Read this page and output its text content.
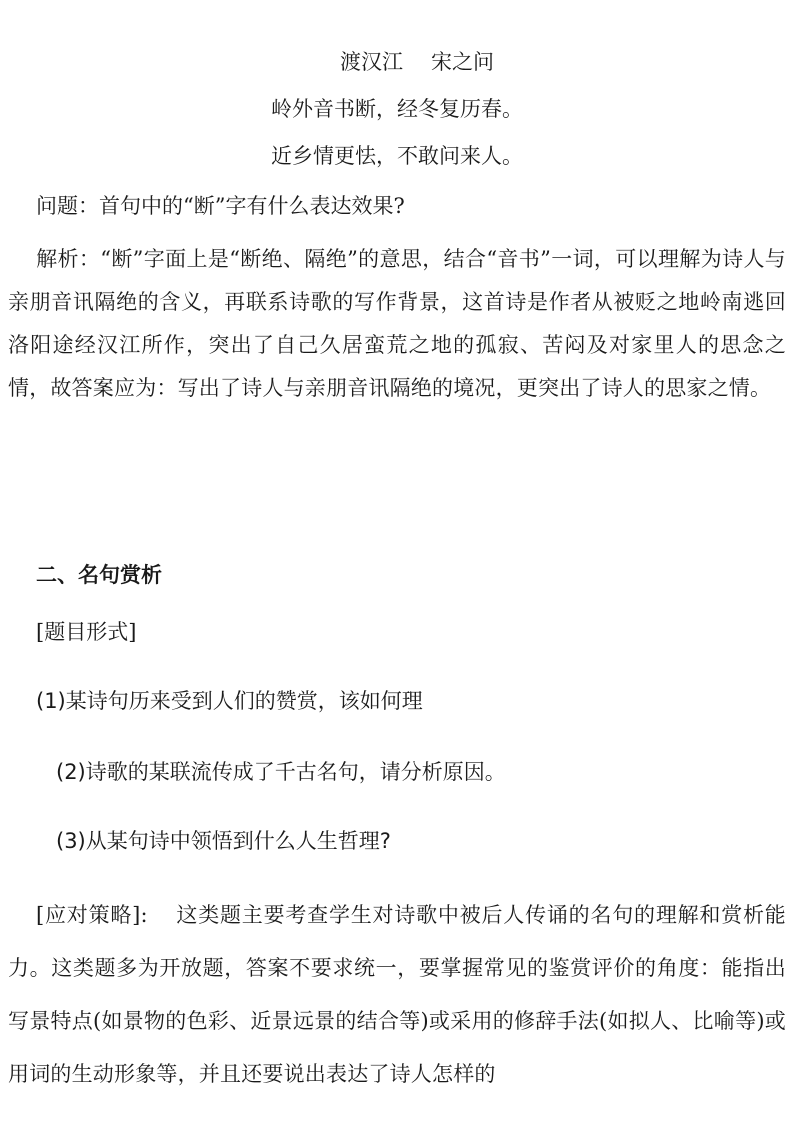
渡汉江 宋之问

岭外音书断，经冬复历春。

近乡情更怯，不敢问来人。

问题：首句中的“断”字有什么表达效果?

解析：“断”字面上是“断绝、隔绝”的意思，结合“音书”一词，可以理解为诗人与亲朋音讯隔绝的含义，再联系诗歌的写作背景，这首诗是作者从被贬之地岭南逃回洛阳途经汉江所作，突出了自己久居蛮荒之地的孤寂、苦闷及对家里人的思念之情，故答案应为：写出了诗人与亲朋音讯隔绝的境况，更突出了诗人的思家之情。

二、名句赏析

[题目形式]

(1)某诗句历来受到人们的赞赏，该如何理

(2)诗歌的某联流传成了千古名句，请分析原因。

(3)从某句诗中领悟到什么人生哲理?

[应对策略]: 这类题主要考查学生对诗歌中被后人传诵的名句的理解和赏析能力。这类题多为开放题，答案不要求统一，要掌握常见的鉴赏评价的角度：能指出写景特点(如景物的色彩、近景远景的结合等)或采用的修辞手法(如拟人、比喻等)或用词的生动形象等，并且还要说出表达了诗人怎样的
